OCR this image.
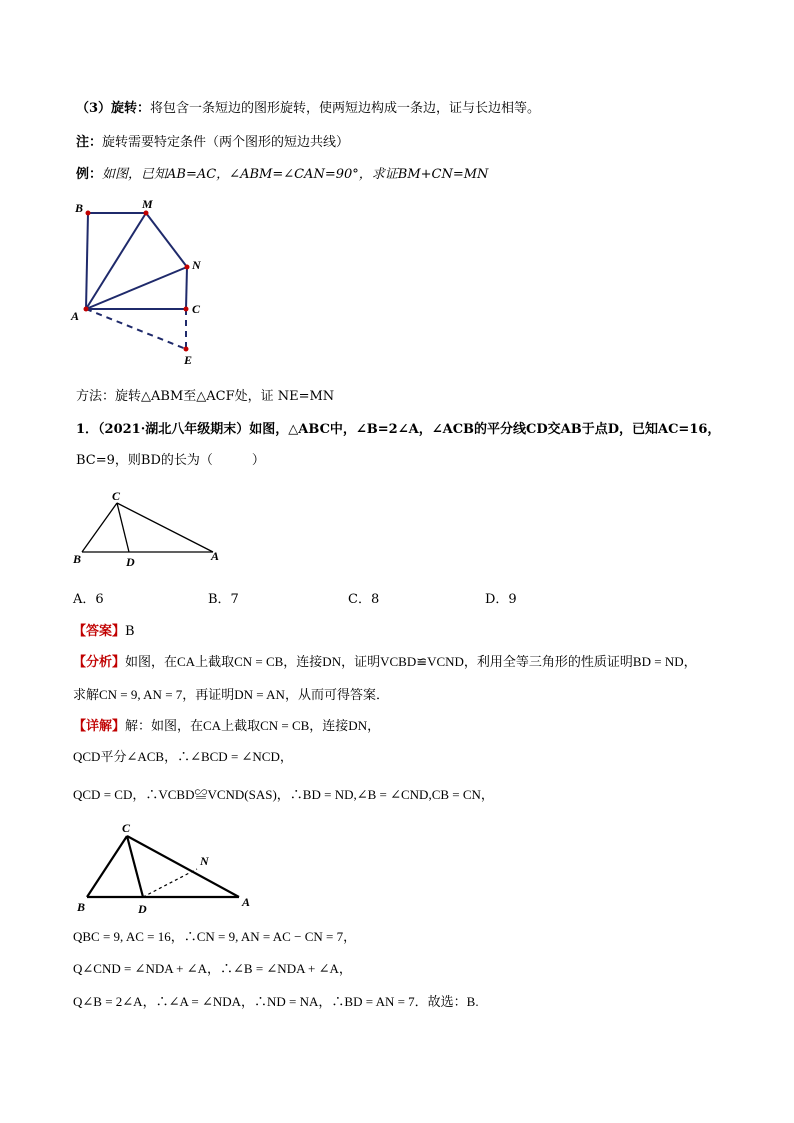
（3）旋转：将包含一条短边的图形旋转，使两短边构成一条边，证与长边相等。
注：旋转需要特定条件（两个图形的短边共线）
例：如图，已知AB=AC，∠ABM=∠CAN=90°，求证BM+CN=MN
B	M
N
A	C
E
方法：旋转△ABM至△ACF处，证 NE=MN
1．（2021·湖北八年级期末）如图，△ABC中，∠B=2∠A，∠ACB的平分线CD交AB于点D，已知AC=16，
BC=9，则BD的长为（　　　）
C
B	D	A
A．6	B．7	C．8	D．9
【答案】B
【分析】如图，在CA上截取CN = CB，连接DN，证明VCBD≌VCND，利用全等三角形的性质证明BD = ND，
求解CN = 9, AN = 7，再证明DN = AN，从而可得答案．
【详解】解：如图，在CA上截取CN = CB，连接DN，
QCD平分∠ACB，∴∠BCD = ∠NCD，
QCD = CD，∴VCBD≌VCND(SAS)，∴BD = ND,∠B = ∠CND,CB = CN，
C
N
B	D	A
QBC = 9, AC = 16，∴CN = 9, AN = AC − CN = 7，
Q∠CND = ∠NDA + ∠A，∴∠B = ∠NDA + ∠A，
Q∠B = 2∠A，∴∠A = ∠NDA，∴ND = NA，∴BD = AN = 7．故选：B.
